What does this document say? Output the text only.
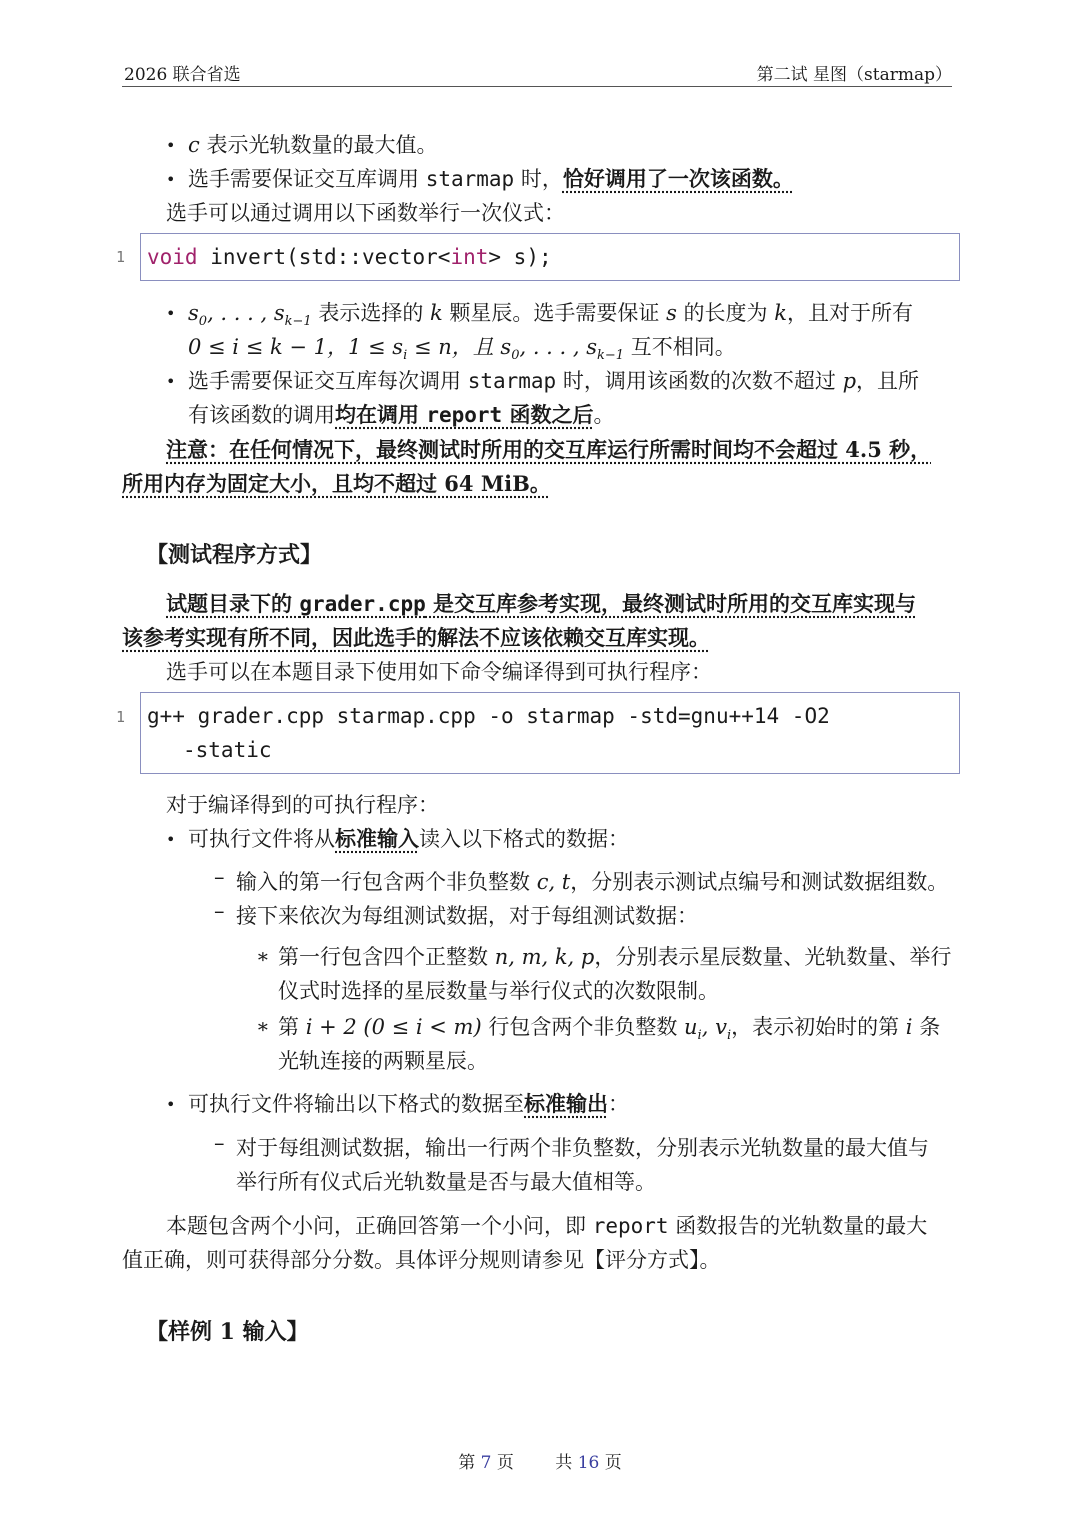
2026 联合省选	第二试 星图（starmap）
• c 表示光轨数量的最大值。
• 选手需要保证交互库调用 starmap 时，恰好调用了一次该函数。
选手可以通过调用以下函数举行一次仪式：
1	void invert(std::vector<int> s);
• $s_0$, . . . , $s_{k-1}$ 表示选择的 k 颗星辰。选手需要保证 s 的长度为 k，且对于所有
0 ≤ i ≤ k − 1，$1 \le s_i \le n$，且 $s_0$, . . . , $s_{k-1}$ 互不相同。
• 选手需要保证交互库每次调用 starmap 时，调用该函数的次数不超过 p，且所
有该函数的调用均在调用 report 函数之后。
注意：在任何情况下，最终测试时所用的交互库运行所需时间均不会超过 4.5 秒，
所用内存为固定大小，且均不超过 64 MiB。
【测试程序方式】
试题目录下的 grader.cpp 是交互库参考实现，最终测试时所用的交互库实现与
该参考实现有所不同，因此选手的解法不应该依赖交互库实现。
选手可以在本题目录下使用如下命令编译得到可执行程序：
1 g++ grader.cpp starmap.cpp -o starmap -std=gnu++14 -O2
-static
对于编译得到的可执行程序：
• 可执行文件将从标准输入读入以下格式的数据：
– 输入的第一行包含两个非负整数 c, t，分别表示测试点编号和测试数据组数。
– 接下来依次为每组测试数据，对于每组测试数据：
∗ 第一行包含四个正整数 n, m, k, p，分别表示星辰数量、光轨数量、举行
仪式时选择的星辰数量与举行仪式的次数限制。
∗ 第 i + 2 (0 ≤ i < m) 行包含两个非负整数 $u_i$, $v_i$，表示初始时的第 i 条
光轨连接的两颗星辰。
• 可执行文件将输出以下格式的数据至标准输出：
– 对于每组测试数据，输出一行两个非负整数，分别表示光轨数量的最大值与
举行所有仪式后光轨数量是否与最大值相等。
本题包含两个小问，正确回答第一个小问，即 report 函数报告的光轨数量的最大
值正确，则可获得部分分数。具体评分规则请参见【评分方式】。
【样例 1 输入】
第 7 页 共 16 页
